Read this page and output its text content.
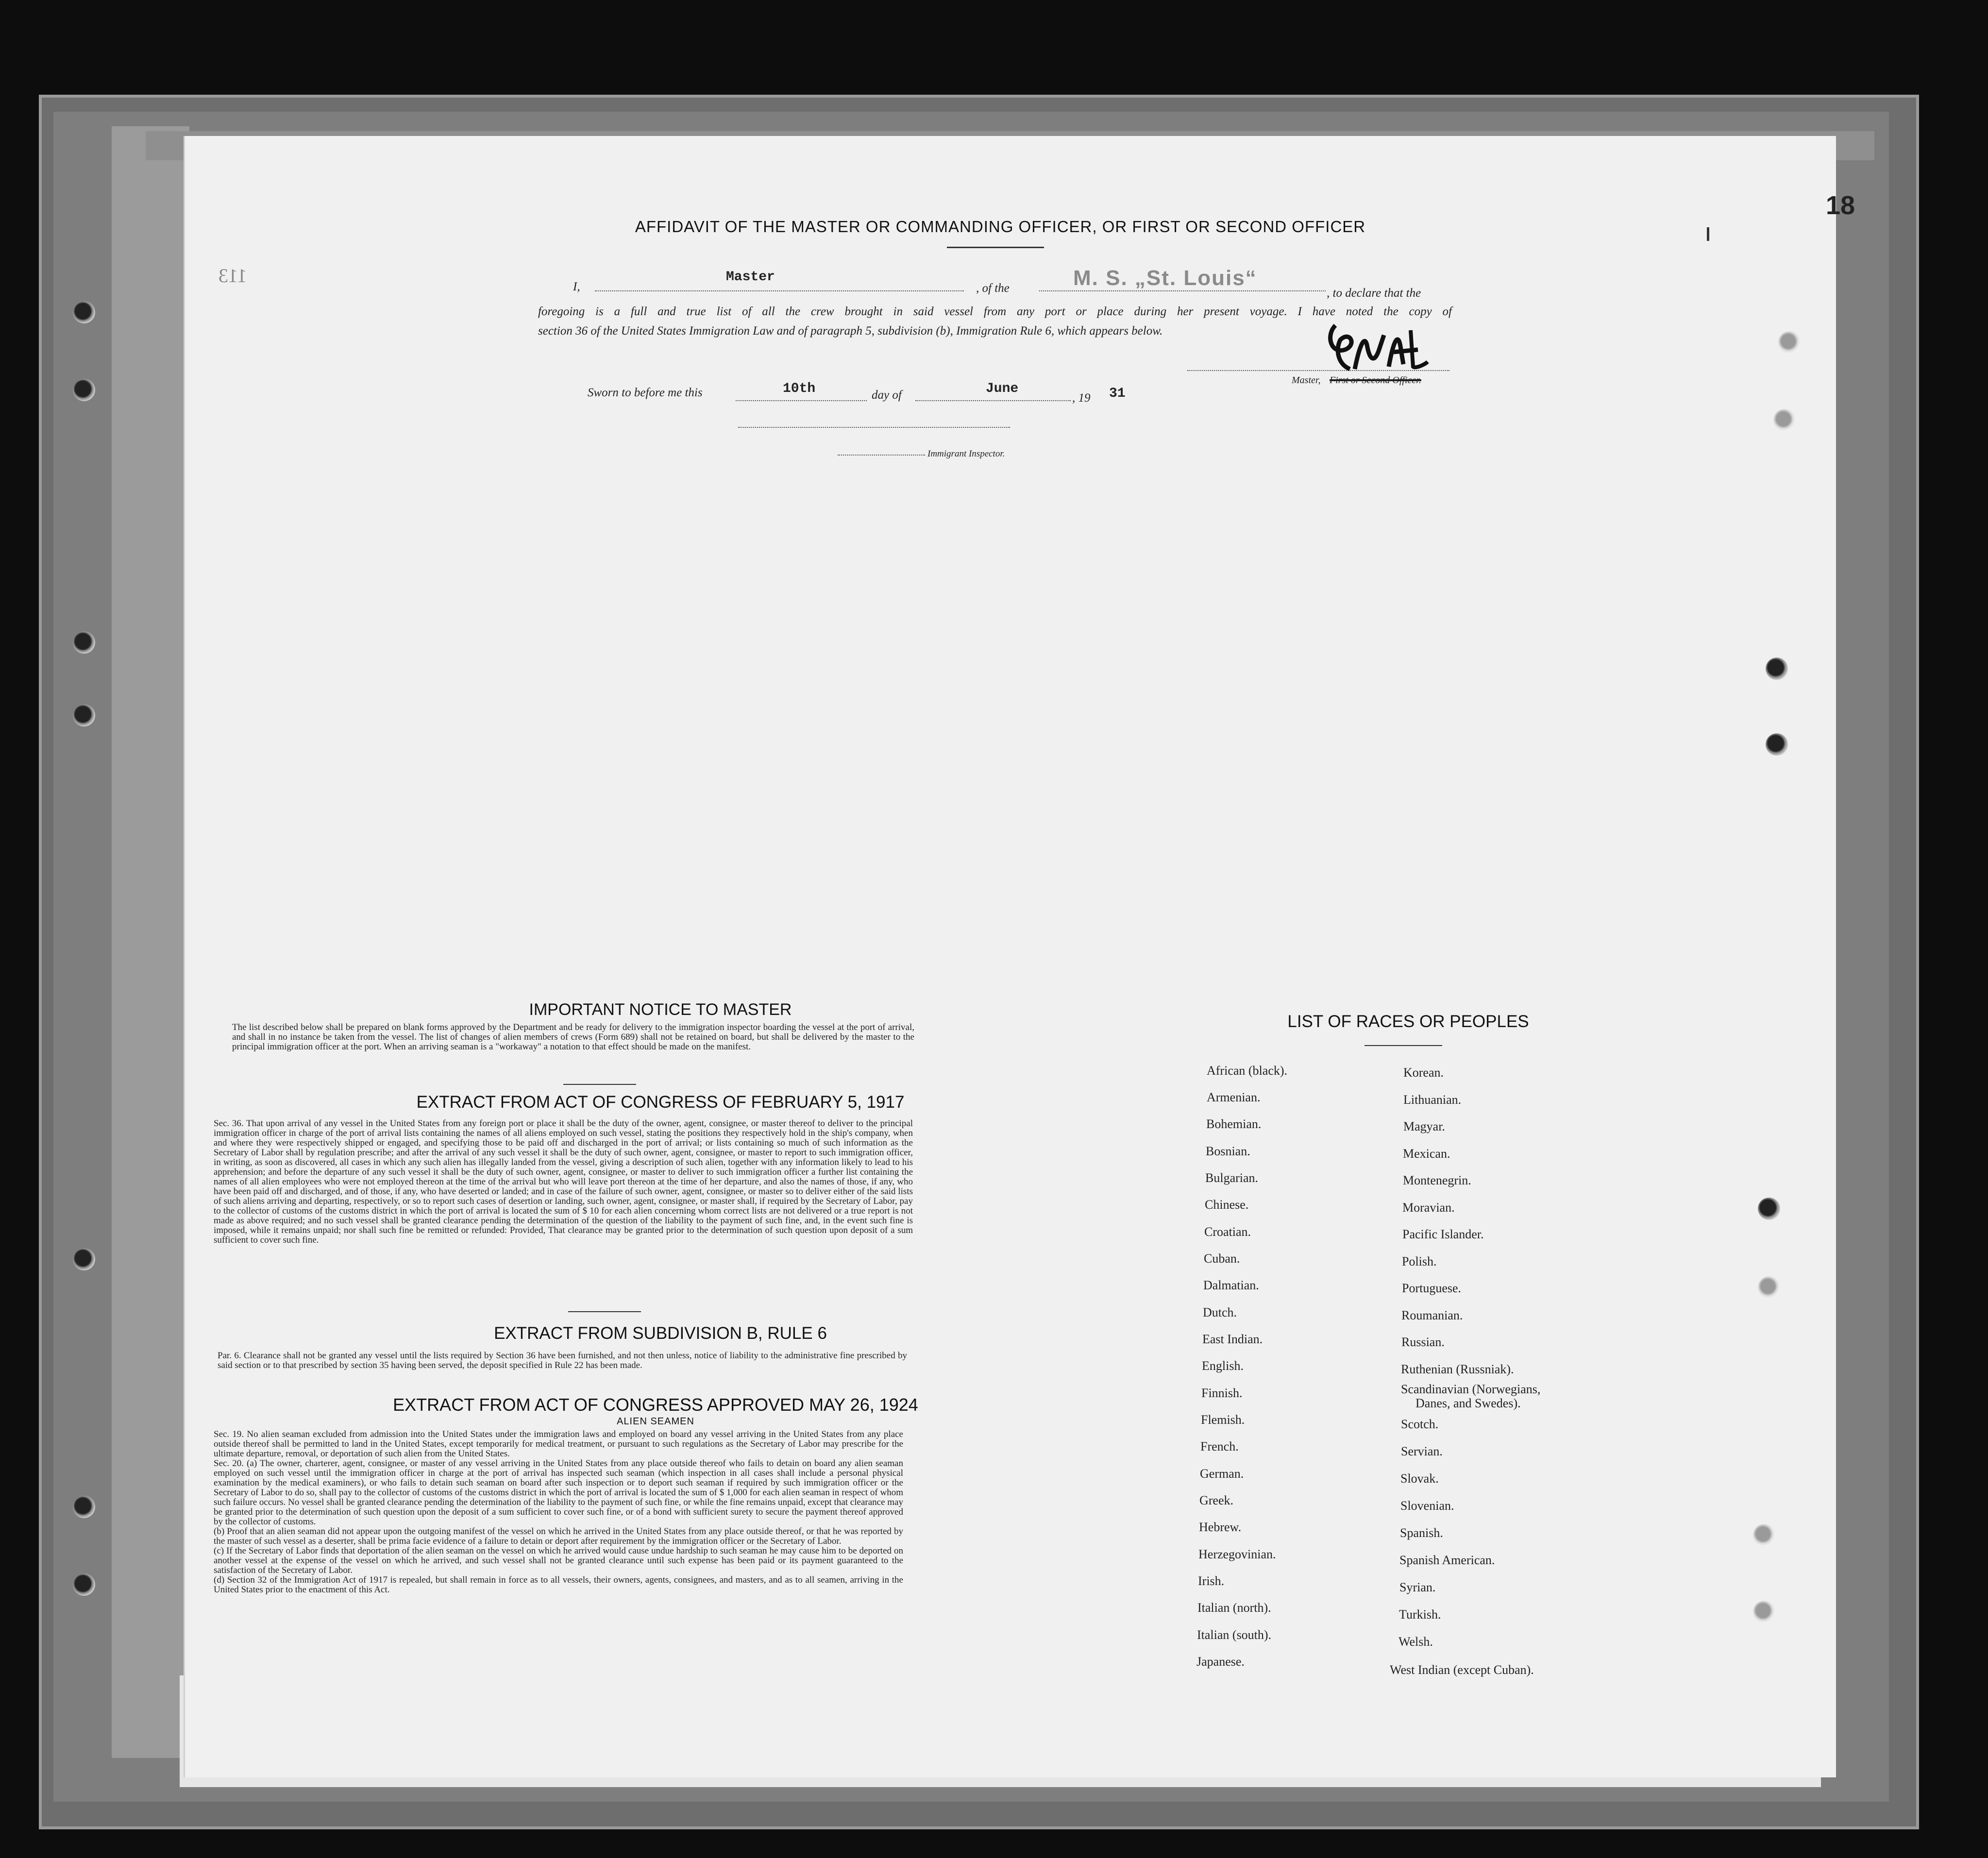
18
113
AFFIDAVIT OF THE MASTER OR COMMANDING OFFICER, OR FIRST OR SECOND OFFICER
I,
Master
, of the	M. S. „St. Louis“
, to declare that the
foregoing is a full and true list of all the crew brought in said vessel from any port or place during her present voyage. I have noted the copy of
section 36 of the United States Immigration Law and of paragraph 5, subdivision (b), Immigration Rule 6, which appears below.
Master, First or Second Officer.
Sworn to before me this	10th	day of	June
, 19 31
Immigrant Inspector.
IMPORTANT NOTICE TO MASTER
The list described below shall be prepared on blank forms approved by the Department and be ready for delivery to the immigration inspector boarding the vessel at the port of arrival, and shall in no instance be taken from the vessel. The list of changes of alien members of crews (Form 689) shall not be retained on board, but shall be delivered by the master to the principal immigration officer at the port. When an arriving seaman is a "workaway" a notation to that effect should be made on the manifest.
EXTRACT FROM ACT OF CONGRESS OF FEBRUARY 5, 1917
Sec. 36. That upon arrival of any vessel in the United States from any foreign port or place it shall be the duty of the owner, agent, consignee, or master thereof to deliver to the principal immigration officer in charge of the port of arrival lists containing the names of all aliens employed on such vessel, stating the positions they respectively hold in the ship's company, when and where they were respectively shipped or engaged, and specifying those to be paid off and discharged in the port of arrival; or lists containing so much of such information as the Secretary of Labor shall by regulation prescribe; and after the arrival of any such vessel it shall be the duty of such owner, agent, consignee, or master to report to such immigration officer, in writing, as soon as discovered, all cases in which any such alien has illegally landed from the vessel, giving a description of such alien, together with any information likely to lead to his apprehension; and before the departure of any such vessel it shall be the duty of such owner, agent, consignee, or master to deliver to such immigration officer a further list containing the names of all alien employees who were not employed thereon at the time of the arrival but who will leave port thereon at the time of her departure, and also the names of those, if any, who have been paid off and discharged, and of those, if any, who have deserted or landed; and in case of the failure of such owner, agent, consignee, or master so to deliver either of the said lists of such aliens arriving and departing, respectively, or so to report such cases of desertion or landing, such owner, agent, consignee, or master shall, if required by the Secretary of Labor, pay to the collector of customs of the customs district in which the port of arrival is located the sum of $ 10 for each alien concerning whom correct lists are not delivered or a true report is not made as above required; and no such vessel shall be granted clearance pending the determination of the question of the liability to the payment of such fine, and, in the event such fine is imposed, while it remains unpaid; nor shall such fine be remitted or refunded: Provided, That clearance may be granted prior to the determination of such question upon deposit of a sum sufficient to cover such fine.
EXTRACT FROM SUBDIVISION B, RULE 6
Par. 6. Clearance shall not be granted any vessel until the lists required by Section 36 have been furnished, and not then unless, notice of liability to the administrative fine prescribed by said section or to that prescribed by section 35 having been served, the deposit specified in Rule 22 has been made.
EXTRACT FROM ACT OF CONGRESS APPROVED MAY 26, 1924
ALIEN SEAMEN
Sec. 19. No alien seaman excluded from admission into the United States under the immigration laws and employed on board any vessel arriving in the United States from any place outside thereof shall be permitted to land in the United States, except temporarily for medical treatment, or pursuant to such regulations as the Secretary of Labor may prescribe for the ultimate departure, removal, or deportation of such alien from the United States.
Sec. 20. (a) The owner, charterer, agent, consignee, or master of any vessel arriving in the United States from any place outside thereof who fails to detain on board any alien seaman employed on such vessel until the immigration officer in charge at the port of arrival has inspected such seaman (which inspection in all cases shall include a personal physical examination by the medical examiners), or who fails to detain such seaman on board after such inspection or to deport such seaman if required by such immigration officer or the Secretary of Labor to do so, shall pay to the collector of customs of the customs district in which the port of arrival is located the sum of $ 1,000 for each alien seaman in respect of whom such failure occurs. No vessel shall be granted clearance pending the determination of the liability to the payment of such fine, or while the fine remains unpaid, except that clearance may be granted prior to the determination of such question upon the deposit of a sum sufficient to cover such fine, or of a bond with sufficient surety to secure the payment thereof approved by the collector of customs.
(b) Proof that an alien seaman did not appear upon the outgoing manifest of the vessel on which he arrived in the United States from any place outside thereof, or that he was reported by the master of such vessel as a deserter, shall be prima facie evidence of a failure to detain or deport after requirement by the immigration officer or the Secretary of Labor.
(c) If the Secretary of Labor finds that deportation of the alien seaman on the vessel on which he arrived would cause undue hardship to such seaman he may cause him to be deported on another vessel at the expense of the vessel on which he arrived, and such vessel shall not be granted clearance until such expense has been paid or its payment guaranteed to the satisfaction of the Secretary of Labor.
(d) Section 32 of the Immigration Act of 1917 is repealed, but shall remain in force as to all vessels, their owners, agents, consignees, and masters, and as to all seamen, arriving in the United States prior to the enactment of this Act.
LIST OF RACES OR PEOPLES
African (black).
Armenian.
Bohemian.
Bosnian.
Bulgarian.
Chinese.
Croatian.
Cuban.
Dalmatian.
Dutch.
East Indian.
English.
Finnish.
Flemish.
French.
German.
Greek.
Hebrew.
Herzegovinian.
Irish.
Italian (north).
Italian (south).
Japanese.
Korean.
Lithuanian.
Magyar.
Mexican.
Montenegrin.
Moravian.
Pacific Islander.
Polish.
Portuguese.
Roumanian.
Russian.
Ruthenian (Russniak).
Scandinavian (Norwegians,
Danes, and Swedes).
Scotch.
Servian.
Slovak.
Slovenian.
Spanish.
Spanish American.
Syrian.
Turkish.
Welsh.
West Indian (except Cuban).
